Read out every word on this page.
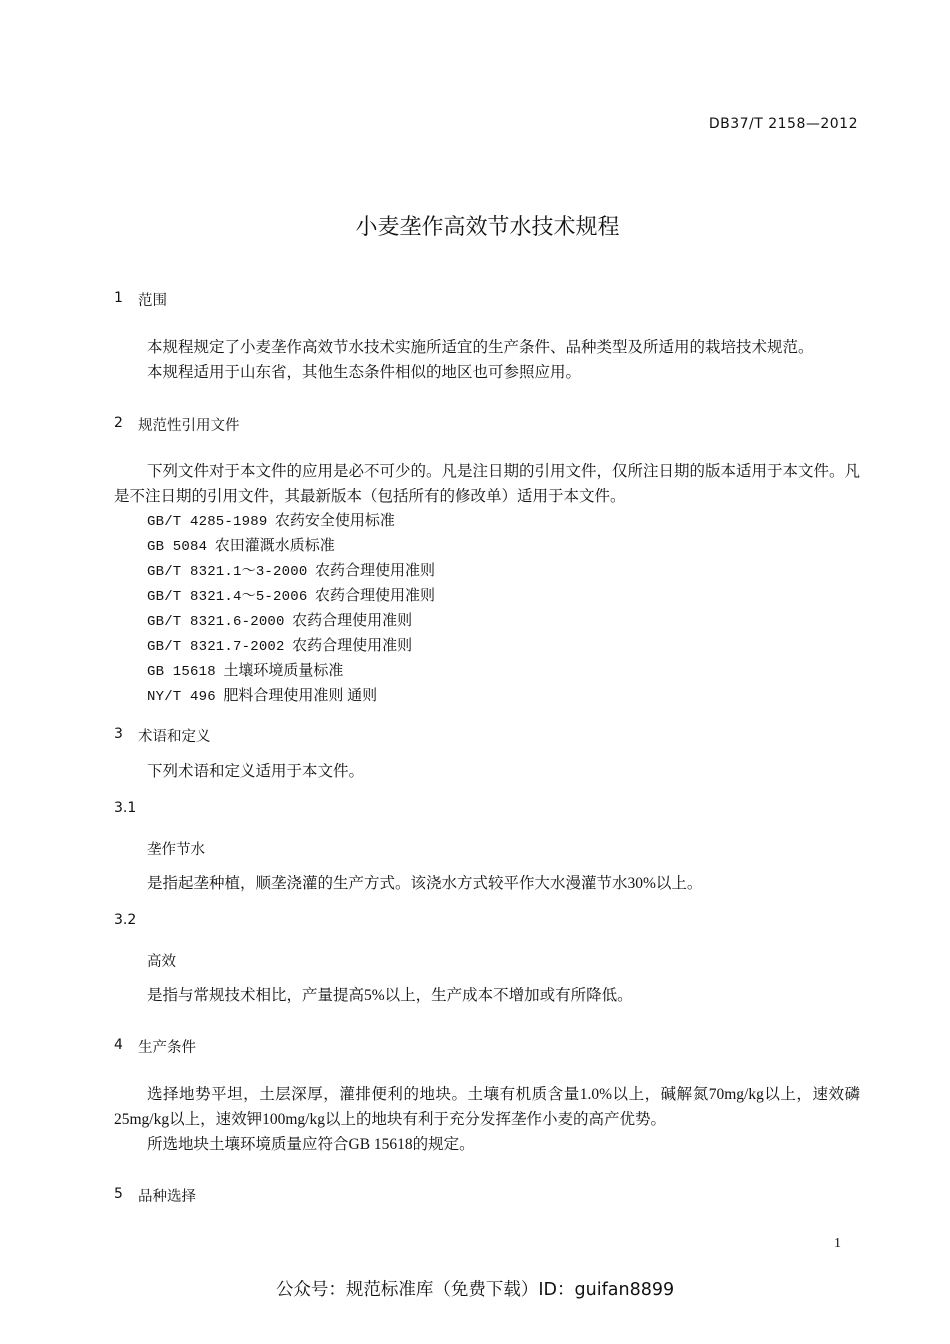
DB37/T 2158—2012
小麦垄作高效节水技术规程
1 范围
本规程规定了小麦垄作高效节水技术实施所适宜的生产条件、品种类型及所适用的栽培技术规范。
本规程适用于山东省，其他生态条件相似的地区也可参照应用。
2 规范性引用文件
下列文件对于本文件的应用是必不可少的。凡是注日期的引用文件，仅所注日期的版本适用于本文件。凡是不注日期的引用文件，其最新版本（包括所有的修改单）适用于本文件。
GB/T 4285-1989 农药安全使用标准
GB 5084 农田灌溉水质标准
GB/T 8321.1～3-2000 农药合理使用准则
GB/T 8321.4～5-2006 农药合理使用准则
GB/T 8321.6-2000 农药合理使用准则
GB/T 8321.7-2002 农药合理使用准则
GB 15618 土壤环境质量标准
NY/T 496 肥料合理使用准则 通则
3 术语和定义
下列术语和定义适用于本文件。
3.1
垄作节水
是指起垄种植，顺垄浇灌的生产方式。该浇水方式较平作大水漫灌节水30%以上。
3.2
高效
是指与常规技术相比，产量提高5%以上，生产成本不增加或有所降低。
4 生产条件
选择地势平坦，土层深厚，灌排便利的地块。土壤有机质含量1.0%以上，碱解氮70mg/kg以上，速效磷25mg/kg以上，速效钾100mg/kg以上的地块有利于充分发挥垄作小麦的高产优势。
所选地块土壤环境质量应符合GB 15618的规定。
5 品种选择
1
公众号：规范标准库（免费下载）ID：guifan8899
